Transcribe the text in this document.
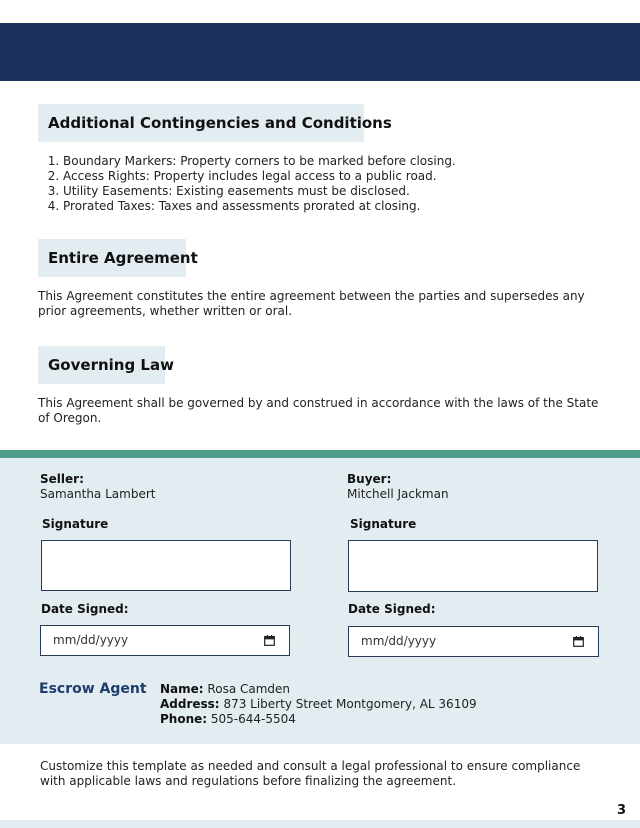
Additional Contingencies and Conditions
1. Boundary Markers: Property corners to be marked before closing.
2. Access Rights: Property includes legal access to a public road.
3. Utility Easements: Existing easements must be disclosed.
4. Prorated Taxes: Taxes and assessments prorated at closing.
Entire Agreement
This Agreement constitutes the entire agreement between the parties and supersedes any prior agreements, whether written or oral.
Governing Law
This Agreement shall be governed by and construed in accordance with the laws of the State of Oregon.
Seller:
Samantha Lambert
Signature
Date Signed:
mm/dd/yyyy
Buyer:
Mitchell Jackman
Signature
Date Signed:
mm/dd/yyyy
Escrow Agent Name: Rosa Camden
Address: 873 Liberty Street Montgomery, AL 36109
Phone: 505-644-5504
Customize this template as needed and consult a legal professional to ensure compliance with applicable laws and regulations before finalizing the agreement.
3
